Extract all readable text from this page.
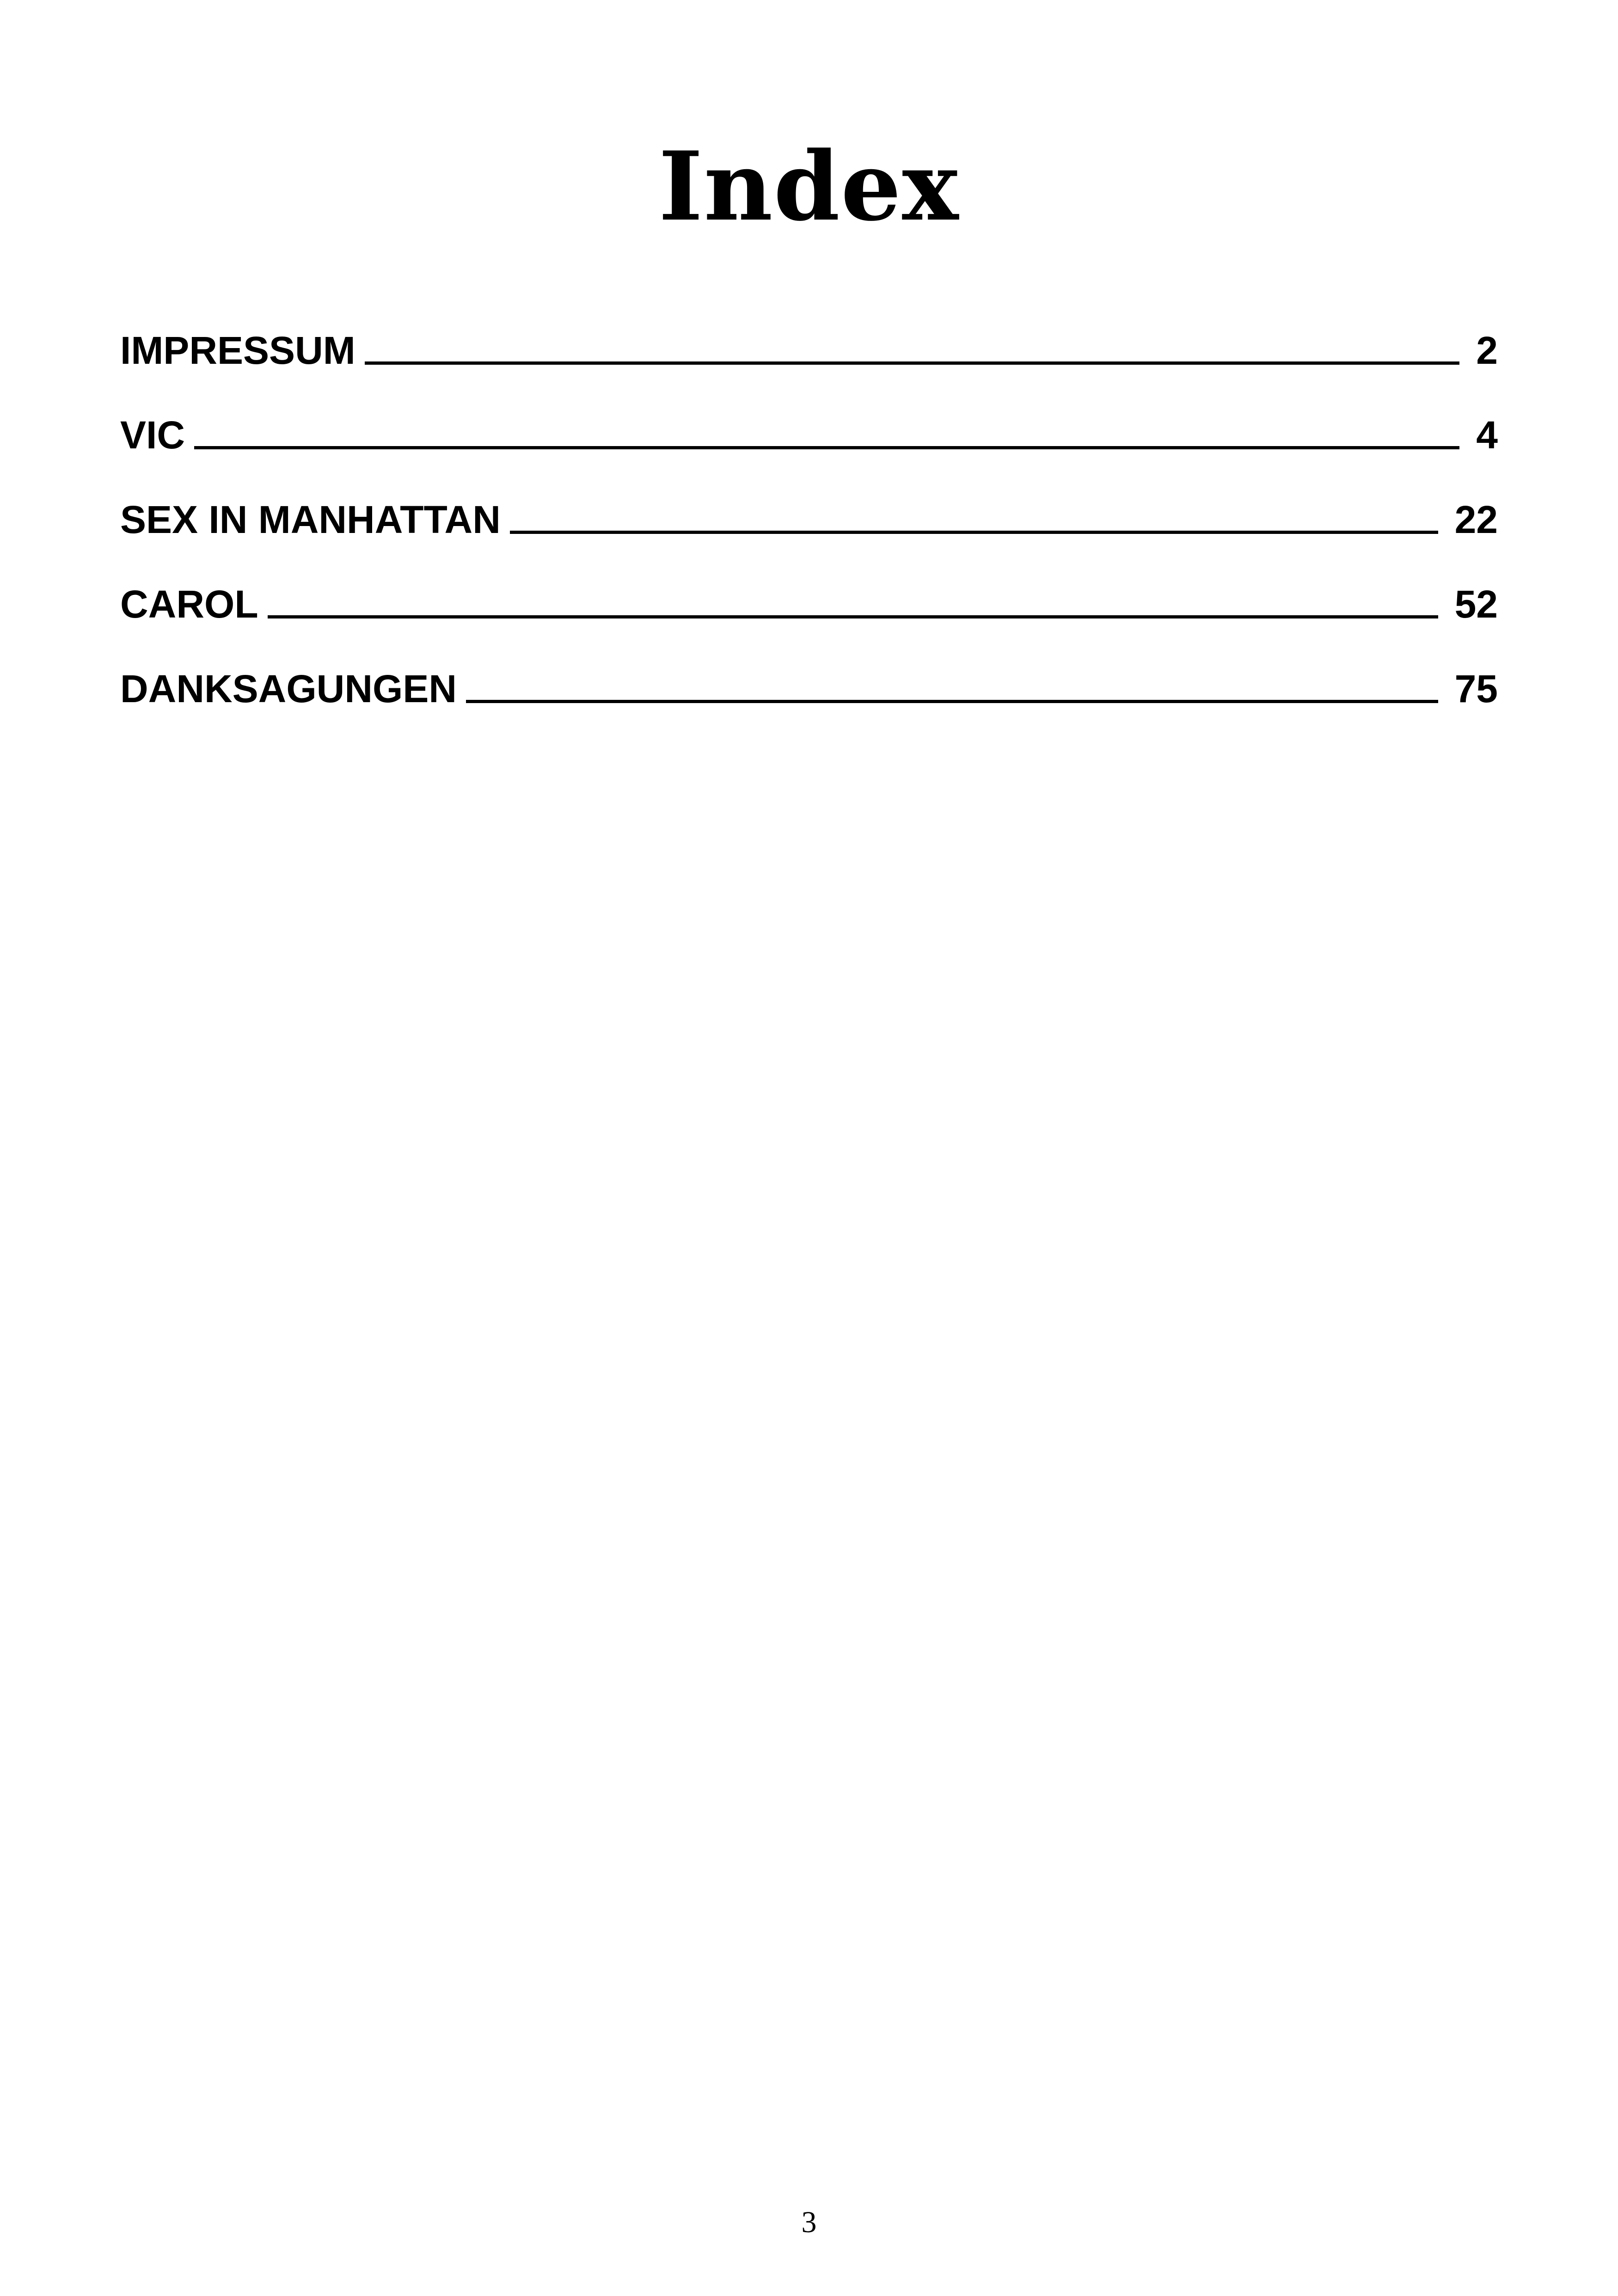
Index
IMPRESSUM	2
VIC	4
SEX IN MANHATTAN	22
CAROL	52
DANKSAGUNGEN	75
3
